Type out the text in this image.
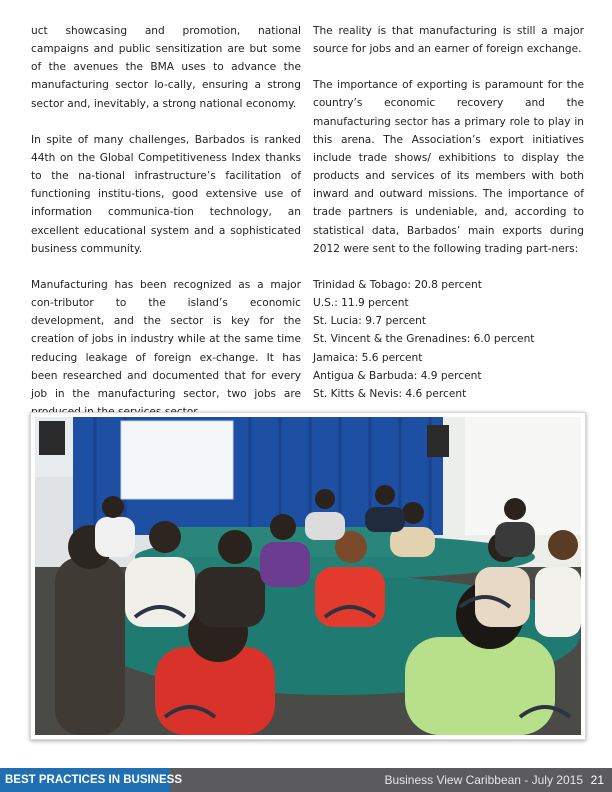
uct showcasing and promotion, national campaigns and public sensitization are but some of the avenues the BMA uses to advance the manufacturing sector lo-cally, ensuring a strong sector and, inevitably, a strong national economy.

In spite of many challenges, Barbados is ranked 44th on the Global Competitiveness Index thanks to the na-tional infrastructure’s facilitation of functioning institu-tions, good extensive use of information communica-tion technology, an excellent educational system and a sophisticated business community.

Manufacturing has been recognized as a major con-tributor to the island’s economic development, and the sector is key for the creation of jobs in industry while at the same time reducing leakage of foreign ex-change. It has been researched and documented that for every job in the manufacturing sector, two jobs are

The reality is that manufacturing is still a major source for jobs and an earner of foreign exchange.

The importance of exporting is paramount for the country’s economic recovery and the manufacturing sector has a primary role to play in this arena. The Association’s export initiatives include trade shows/ exhibitions to display the products and services of its members with both inward and outward missions. The importance of trade partners is undeniable, and, according to statistical data, Barbados’ main exports during 2012 were sent to the following trading part-ners:

Trinidad & Tobago: 20.8 percent
U.S.: 11.9 percent
St. Lucia: 9.7 percent
St. Vincent & the Grenadines: 6.0 percent
Jamaica: 5.6 percent
Antigua & Barbuda: 4.9 percent
St. Kitts & Nevis: 4.6 percent
BEST PRACTICES IN BUSINESS	Business View Caribbean - July 2015 21
